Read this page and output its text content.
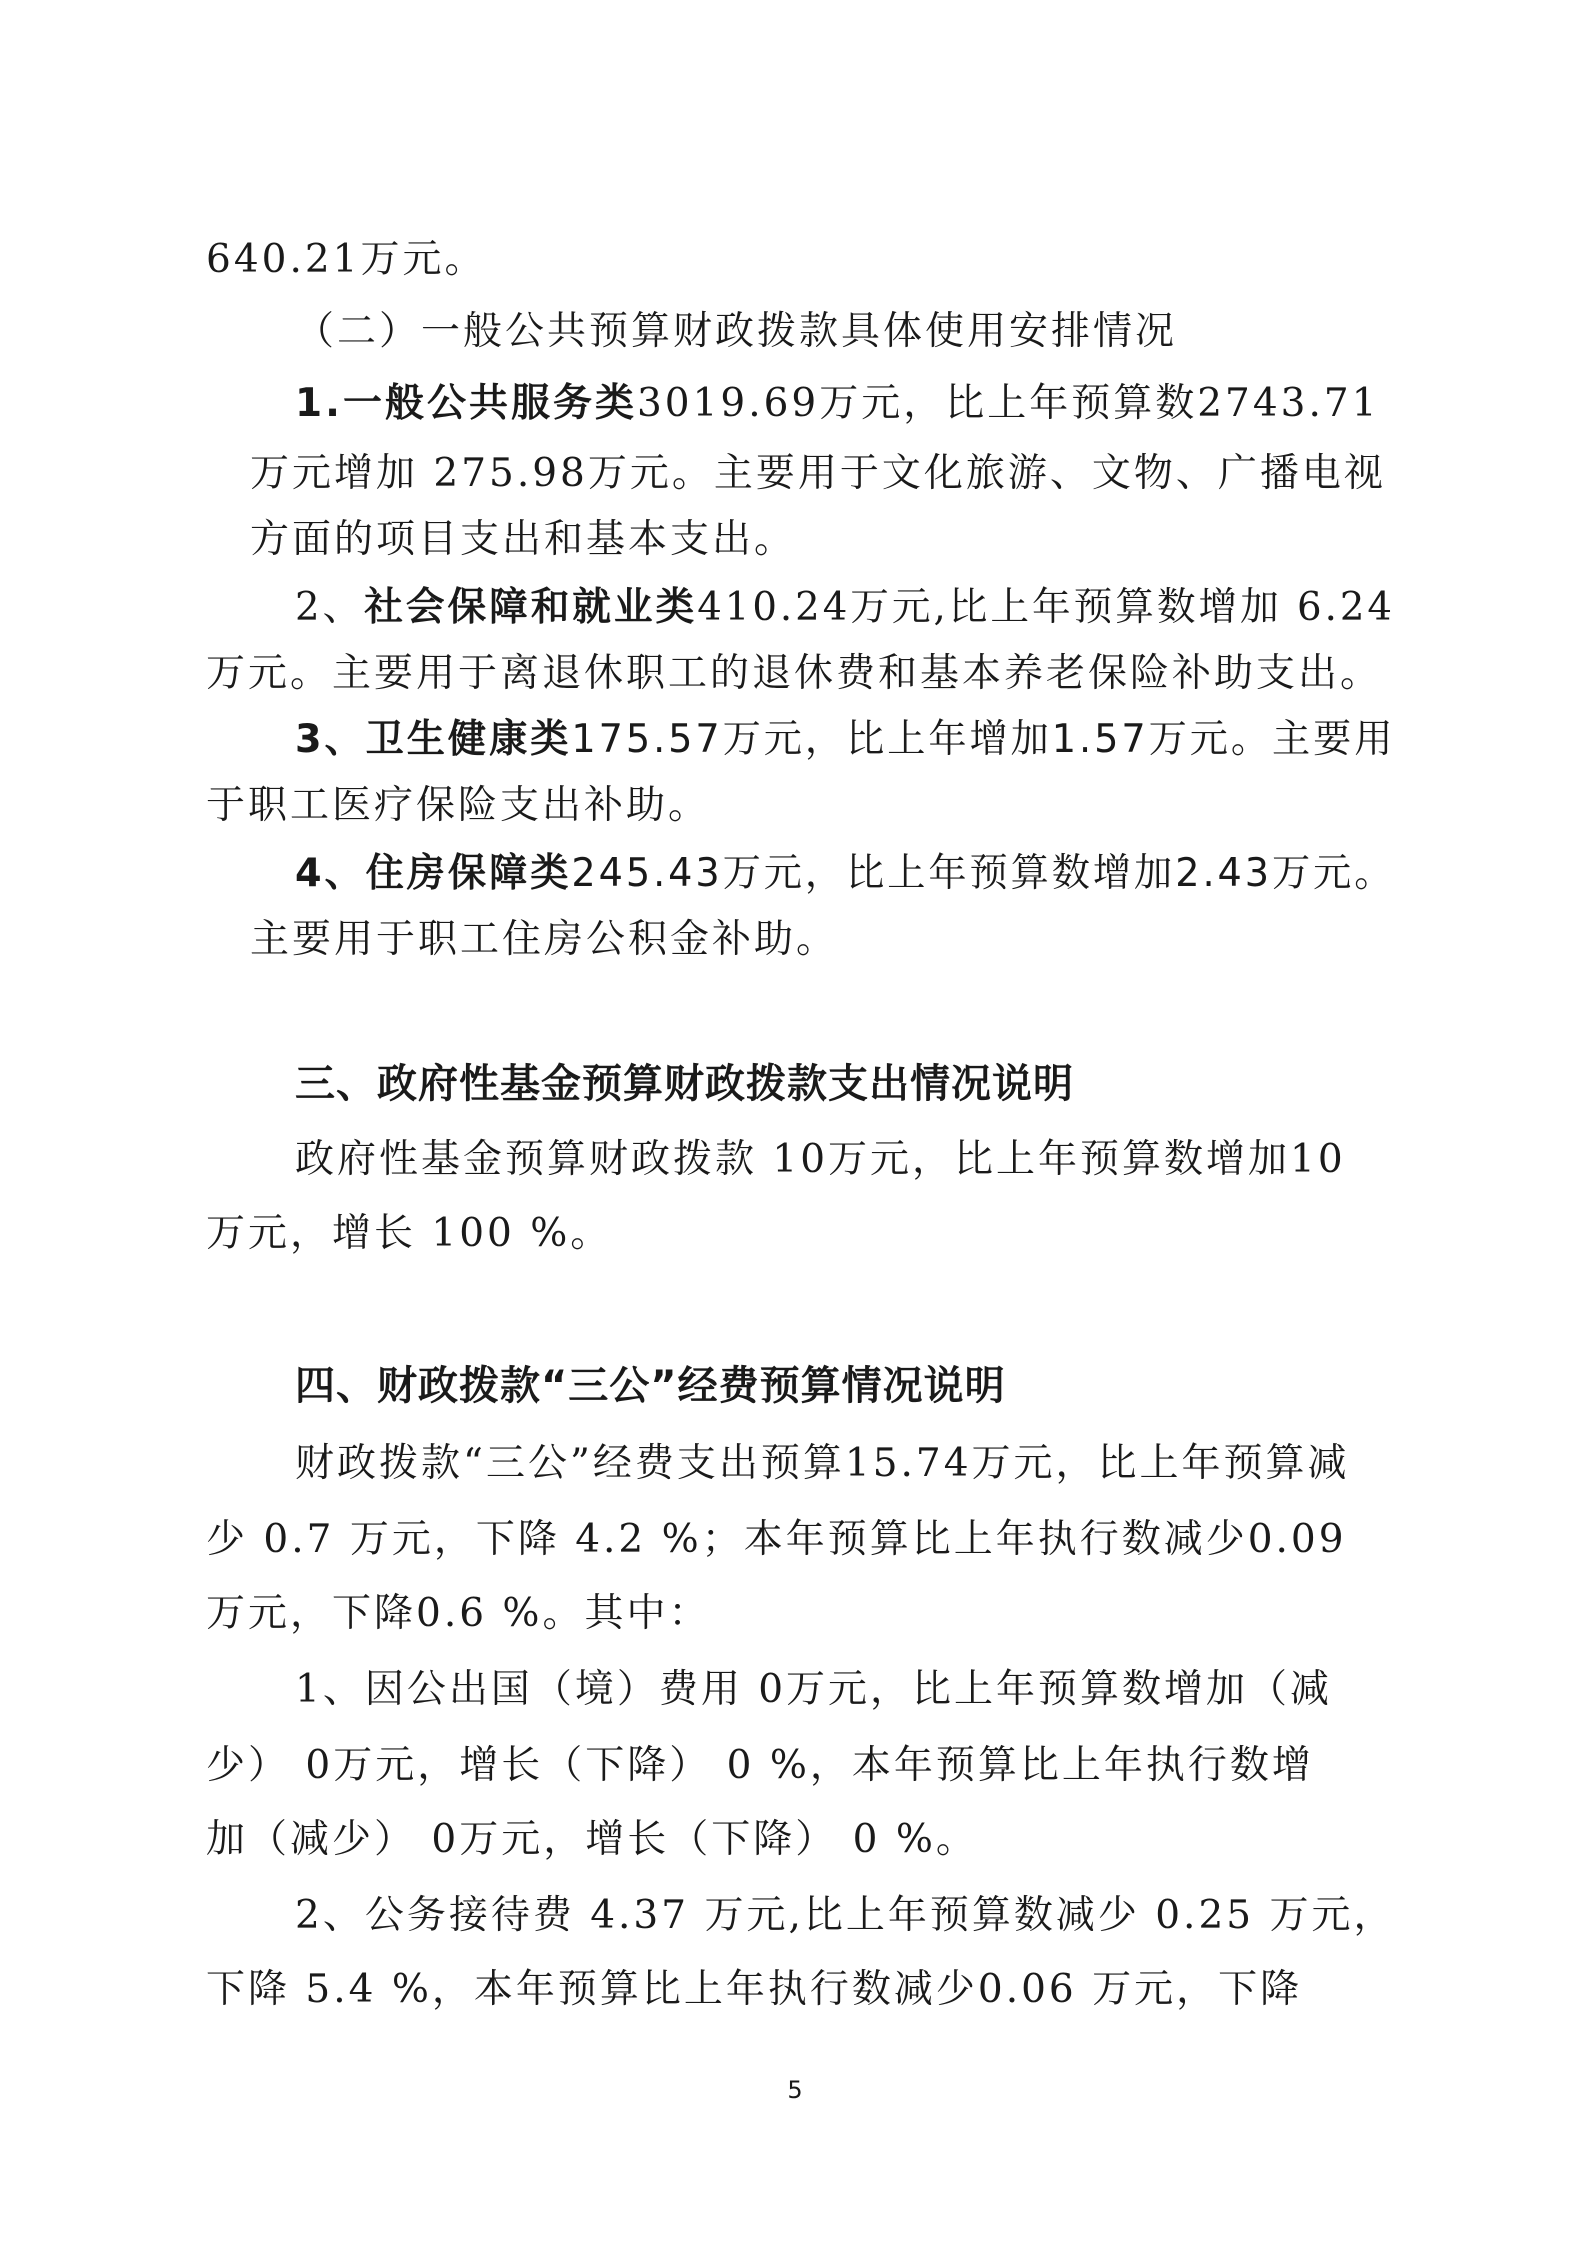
640.21万元。
（二）一般公共预算财政拨款具体使用安排情况
1.一般公共服务类3019.69万元，比上年预算数2743.71
万元增加 275.98万元。主要用于文化旅游、文物、广播电视
方面的项目支出和基本支出。
2、社会保障和就业类410.24万元,比上年预算数增加 6.24
万元。主要用于离退休职工的退休费和基本养老保险补助支出。
3、卫生健康类175.57万元，比上年增加1.57万元。主要用
于职工医疗保险支出补助。
4、住房保障类245.43万元，比上年预算数增加2.43万元。
主要用于职工住房公积金补助。
三、政府性基金预算财政拨款支出情况说明
政府性基金预算财政拨款 10万元，比上年预算数增加10
万元，增长 100 %。
四、财政拨款“三公”经费预算情况说明
财政拨款“三公”经费支出预算15.74万元，比上年预算减
少 0.7 万元，下降 4.2 %；本年预算比上年执行数减少0.09
万元，下降0.6 %。其中：
1、因公出国（境）费用 0万元，比上年预算数增加（减
少） 0万元，增长（下降） 0 %，本年预算比上年执行数增
加（减少） 0万元，增长（下降） 0 %。
2、公务接待费 4.37 万元,比上年预算数减少 0.25 万元，
下降 5.4 %，本年预算比上年执行数减少0.06 万元，下降
5
